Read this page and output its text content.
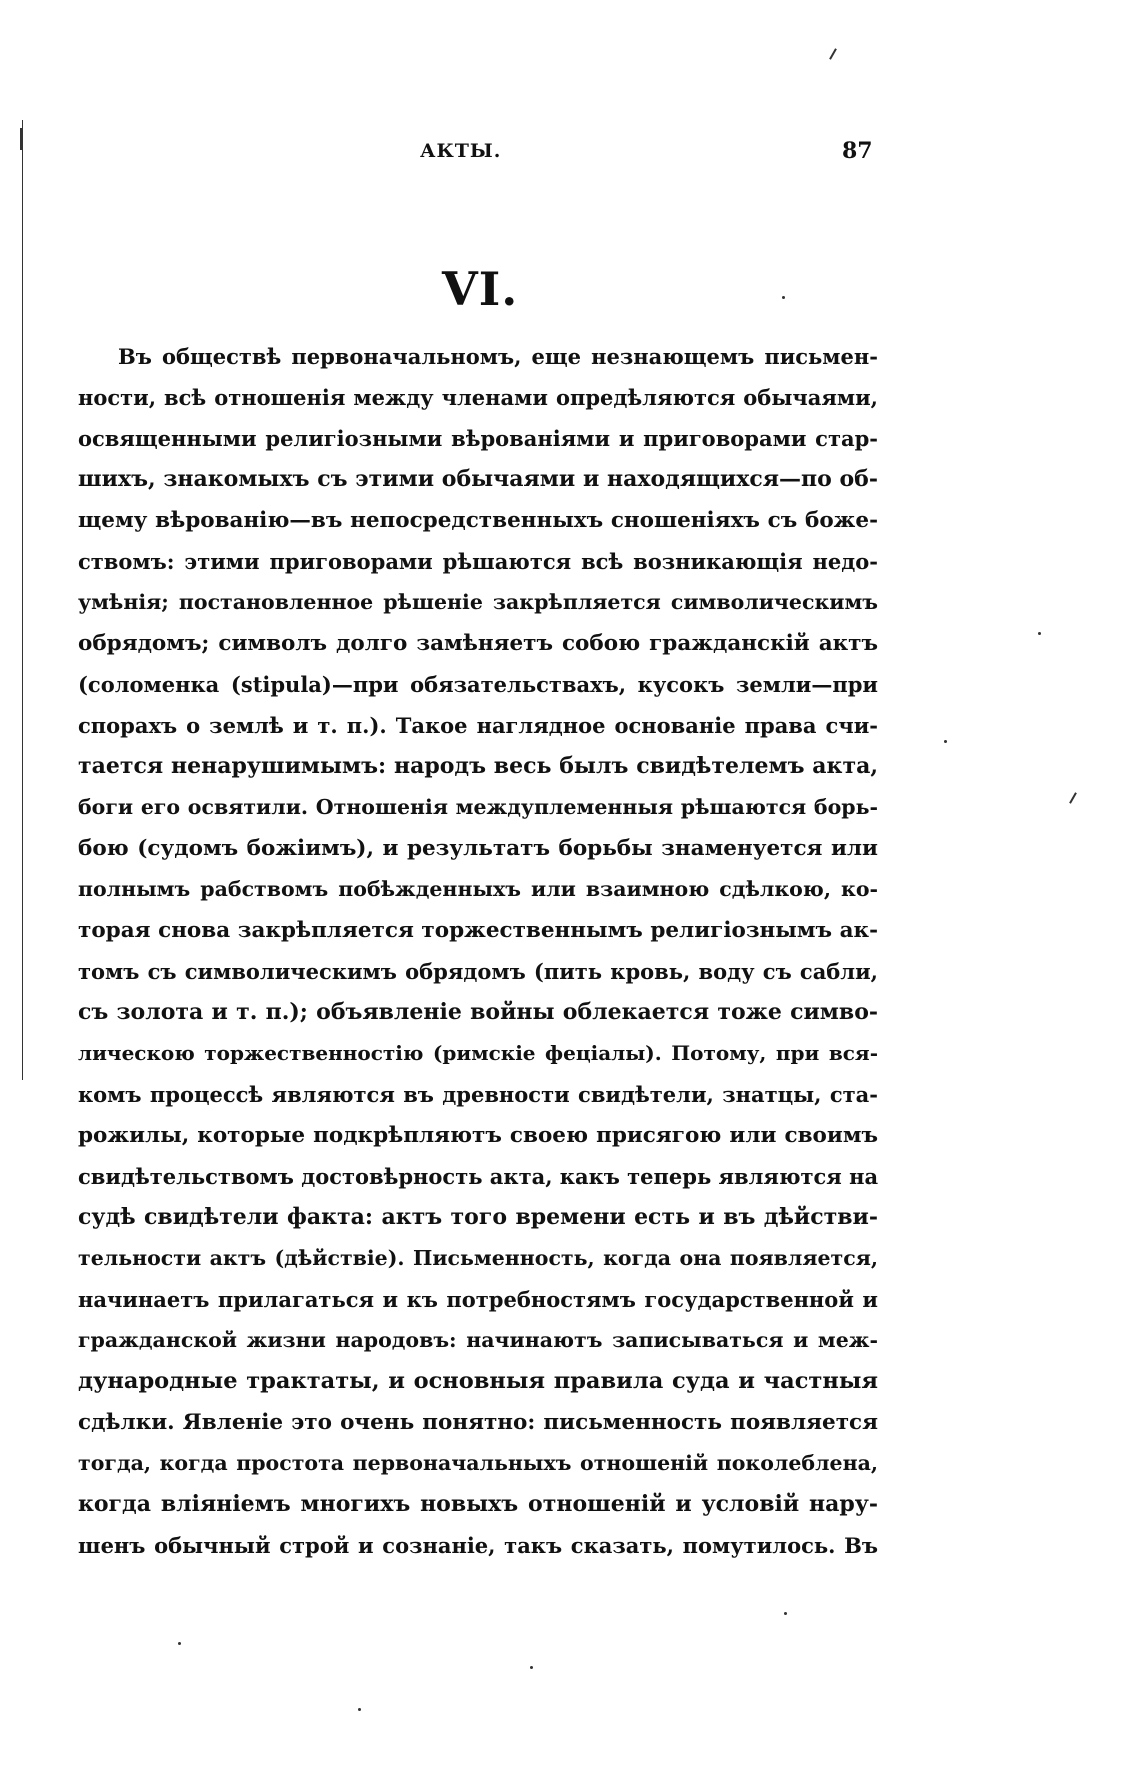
АКТЫ.	87
VI.
Въ обществѣ первоначальномъ, еще незнающемъ письмен-
ности, всѣ отношенія между членами опредѣляются обычаями,
освященными религіозными вѣрованіями и приговорами стар-
шихъ, знакомыхъ съ этими обычаями и находящихся—по об-
щему вѣрованію—въ непосредственныхъ сношеніяхъ съ боже-
ствомъ: этими приговорами рѣшаются всѣ возникающія недо-
умѣнія; постановленное рѣшеніе закрѣпляется символическимъ
обрядомъ; символъ долго замѣняетъ собою гражданскій актъ
(соломенка (stipula)—при обязательствахъ, кусокъ земли—при
спорахъ о землѣ и т. п.). Такое наглядное основаніе права счи-
тается ненарушимымъ: народъ весь былъ свидѣтелемъ акта,
боги его освятили. Отношенія междуплеменныя рѣшаются борь-
бою (судомъ божіимъ), и результатъ борьбы знаменуется или
полнымъ рабствомъ побѣжденныхъ или взаимною сдѣлкою, ко-
торая снова закрѣпляется торжественнымъ религіознымъ ак-
томъ съ символическимъ обрядомъ (пить кровь, воду съ сабли,
съ золота и т. п.); объявленіе войны облекается тоже симво-
лическою торжественностію (римскіе феціалы). Потому, при вся-
комъ процессѣ являются въ древности свидѣтели, знатцы, ста-
рожилы, которые подкрѣпляютъ своею присягою или своимъ
свидѣтельствомъ достовѣрность акта, какъ теперь являются на
судѣ свидѣтели факта: актъ того времени есть и въ дѣйстви-
тельности актъ (дѣйствіе). Письменность, когда она появляется,
начинаетъ прилагаться и къ потребностямъ государственной и
гражданской жизни народовъ: начинаютъ записываться и меж-
дународные трактаты, и основныя правила суда и частныя
сдѣлки. Явленіе это очень понятно: письменность появляется
тогда, когда простота первоначальныхъ отношеній поколеблена,
когда вліяніемъ многихъ новыхъ отношеній и условій нару-
шенъ обычный строй и сознаніе, такъ сказать, помутилось. Въ
